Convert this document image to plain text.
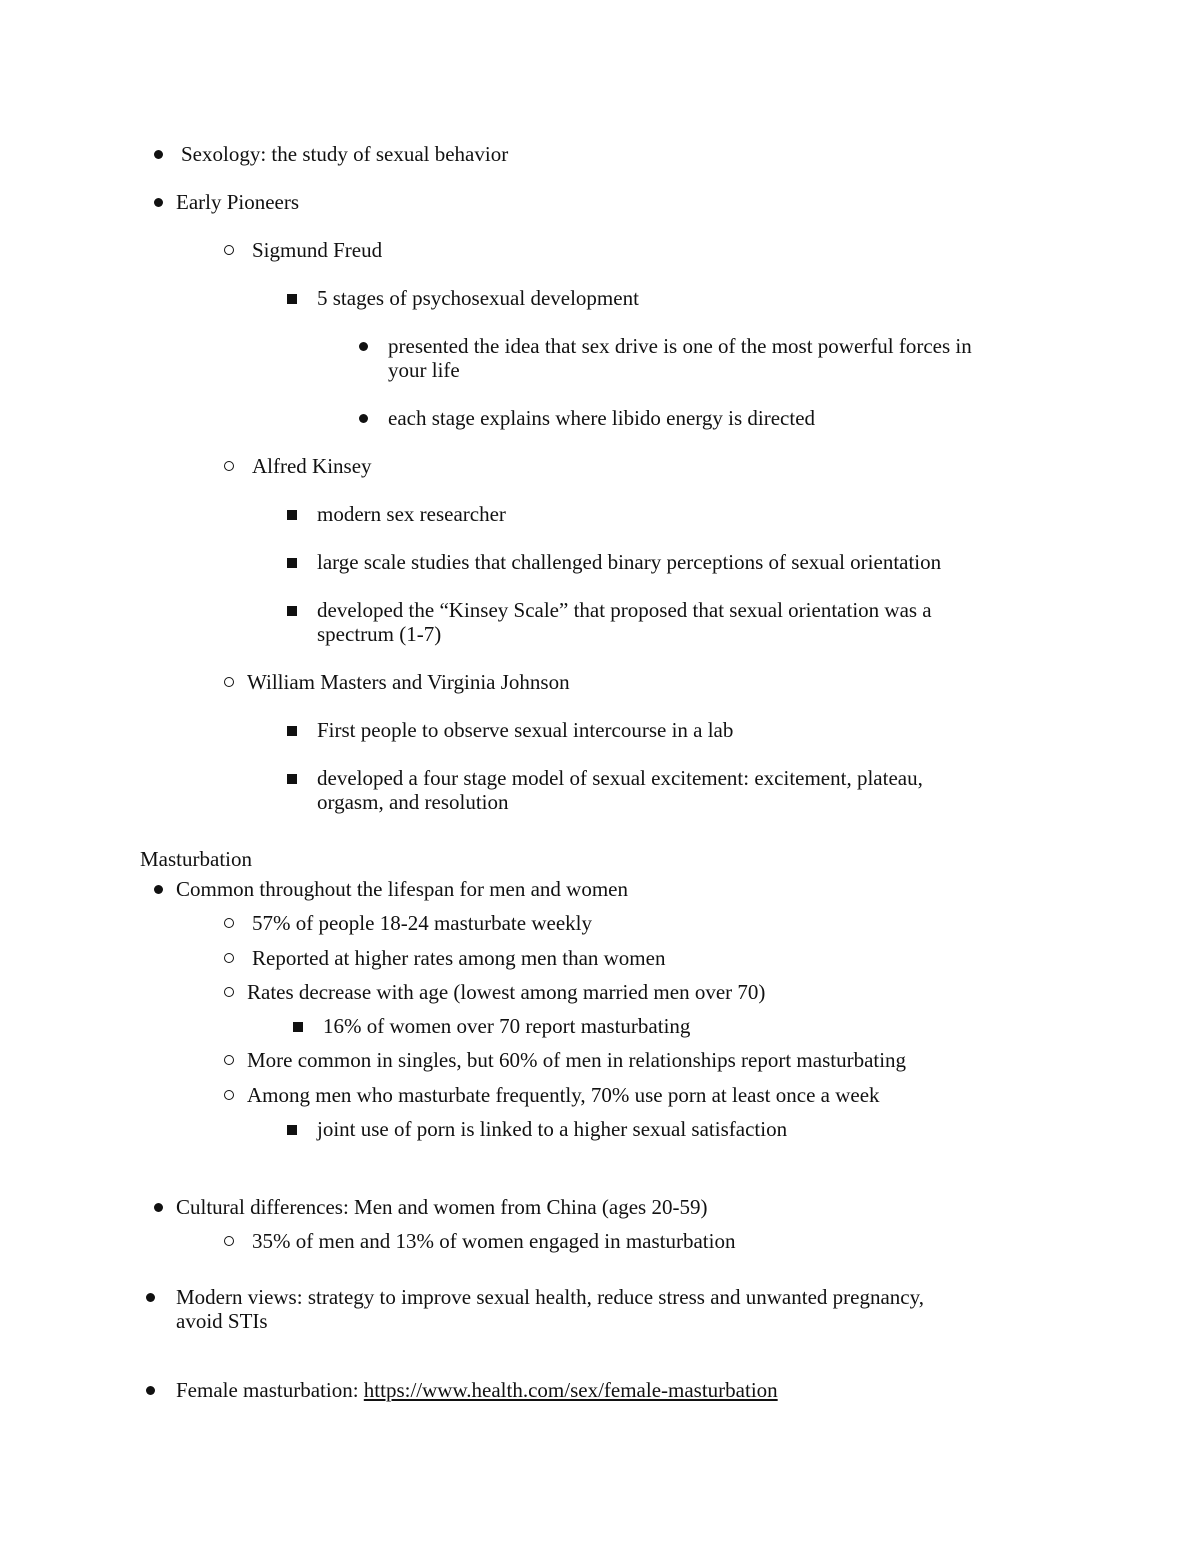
Sexology: the study of sexual behavior
Early Pioneers
Sigmund Freud
5 stages of psychosexual development
presented the idea that sex drive is one of the most powerful forces in
your life
each stage explains where libido energy is directed
Alfred Kinsey
modern sex researcher
large scale studies that challenged binary perceptions of sexual orientation
developed the “Kinsey Scale” that proposed that sexual orientation was a
spectrum (1-7)
William Masters and Virginia Johnson
First people to observe sexual intercourse in a lab
developed a four stage model of sexual excitement: excitement, plateau,
orgasm, and resolution
Masturbation
Common throughout the lifespan for men and women
57% of people 18-24 masturbate weekly
Reported at higher rates among men than women
Rates decrease with age (lowest among married men over 70)
16% of women over 70 report masturbating
More common in singles, but 60% of men in relationships report masturbating
Among men who masturbate frequently, 70% use porn at least once a week
joint use of porn is linked to a higher sexual satisfaction
Cultural differences: Men and women from China (ages 20-59)
35% of men and 13% of women engaged in masturbation
Modern views: strategy to improve sexual health, reduce stress and unwanted pregnancy,
avoid STIs
Female masturbation: https://www.health.com/sex/female-masturbation
